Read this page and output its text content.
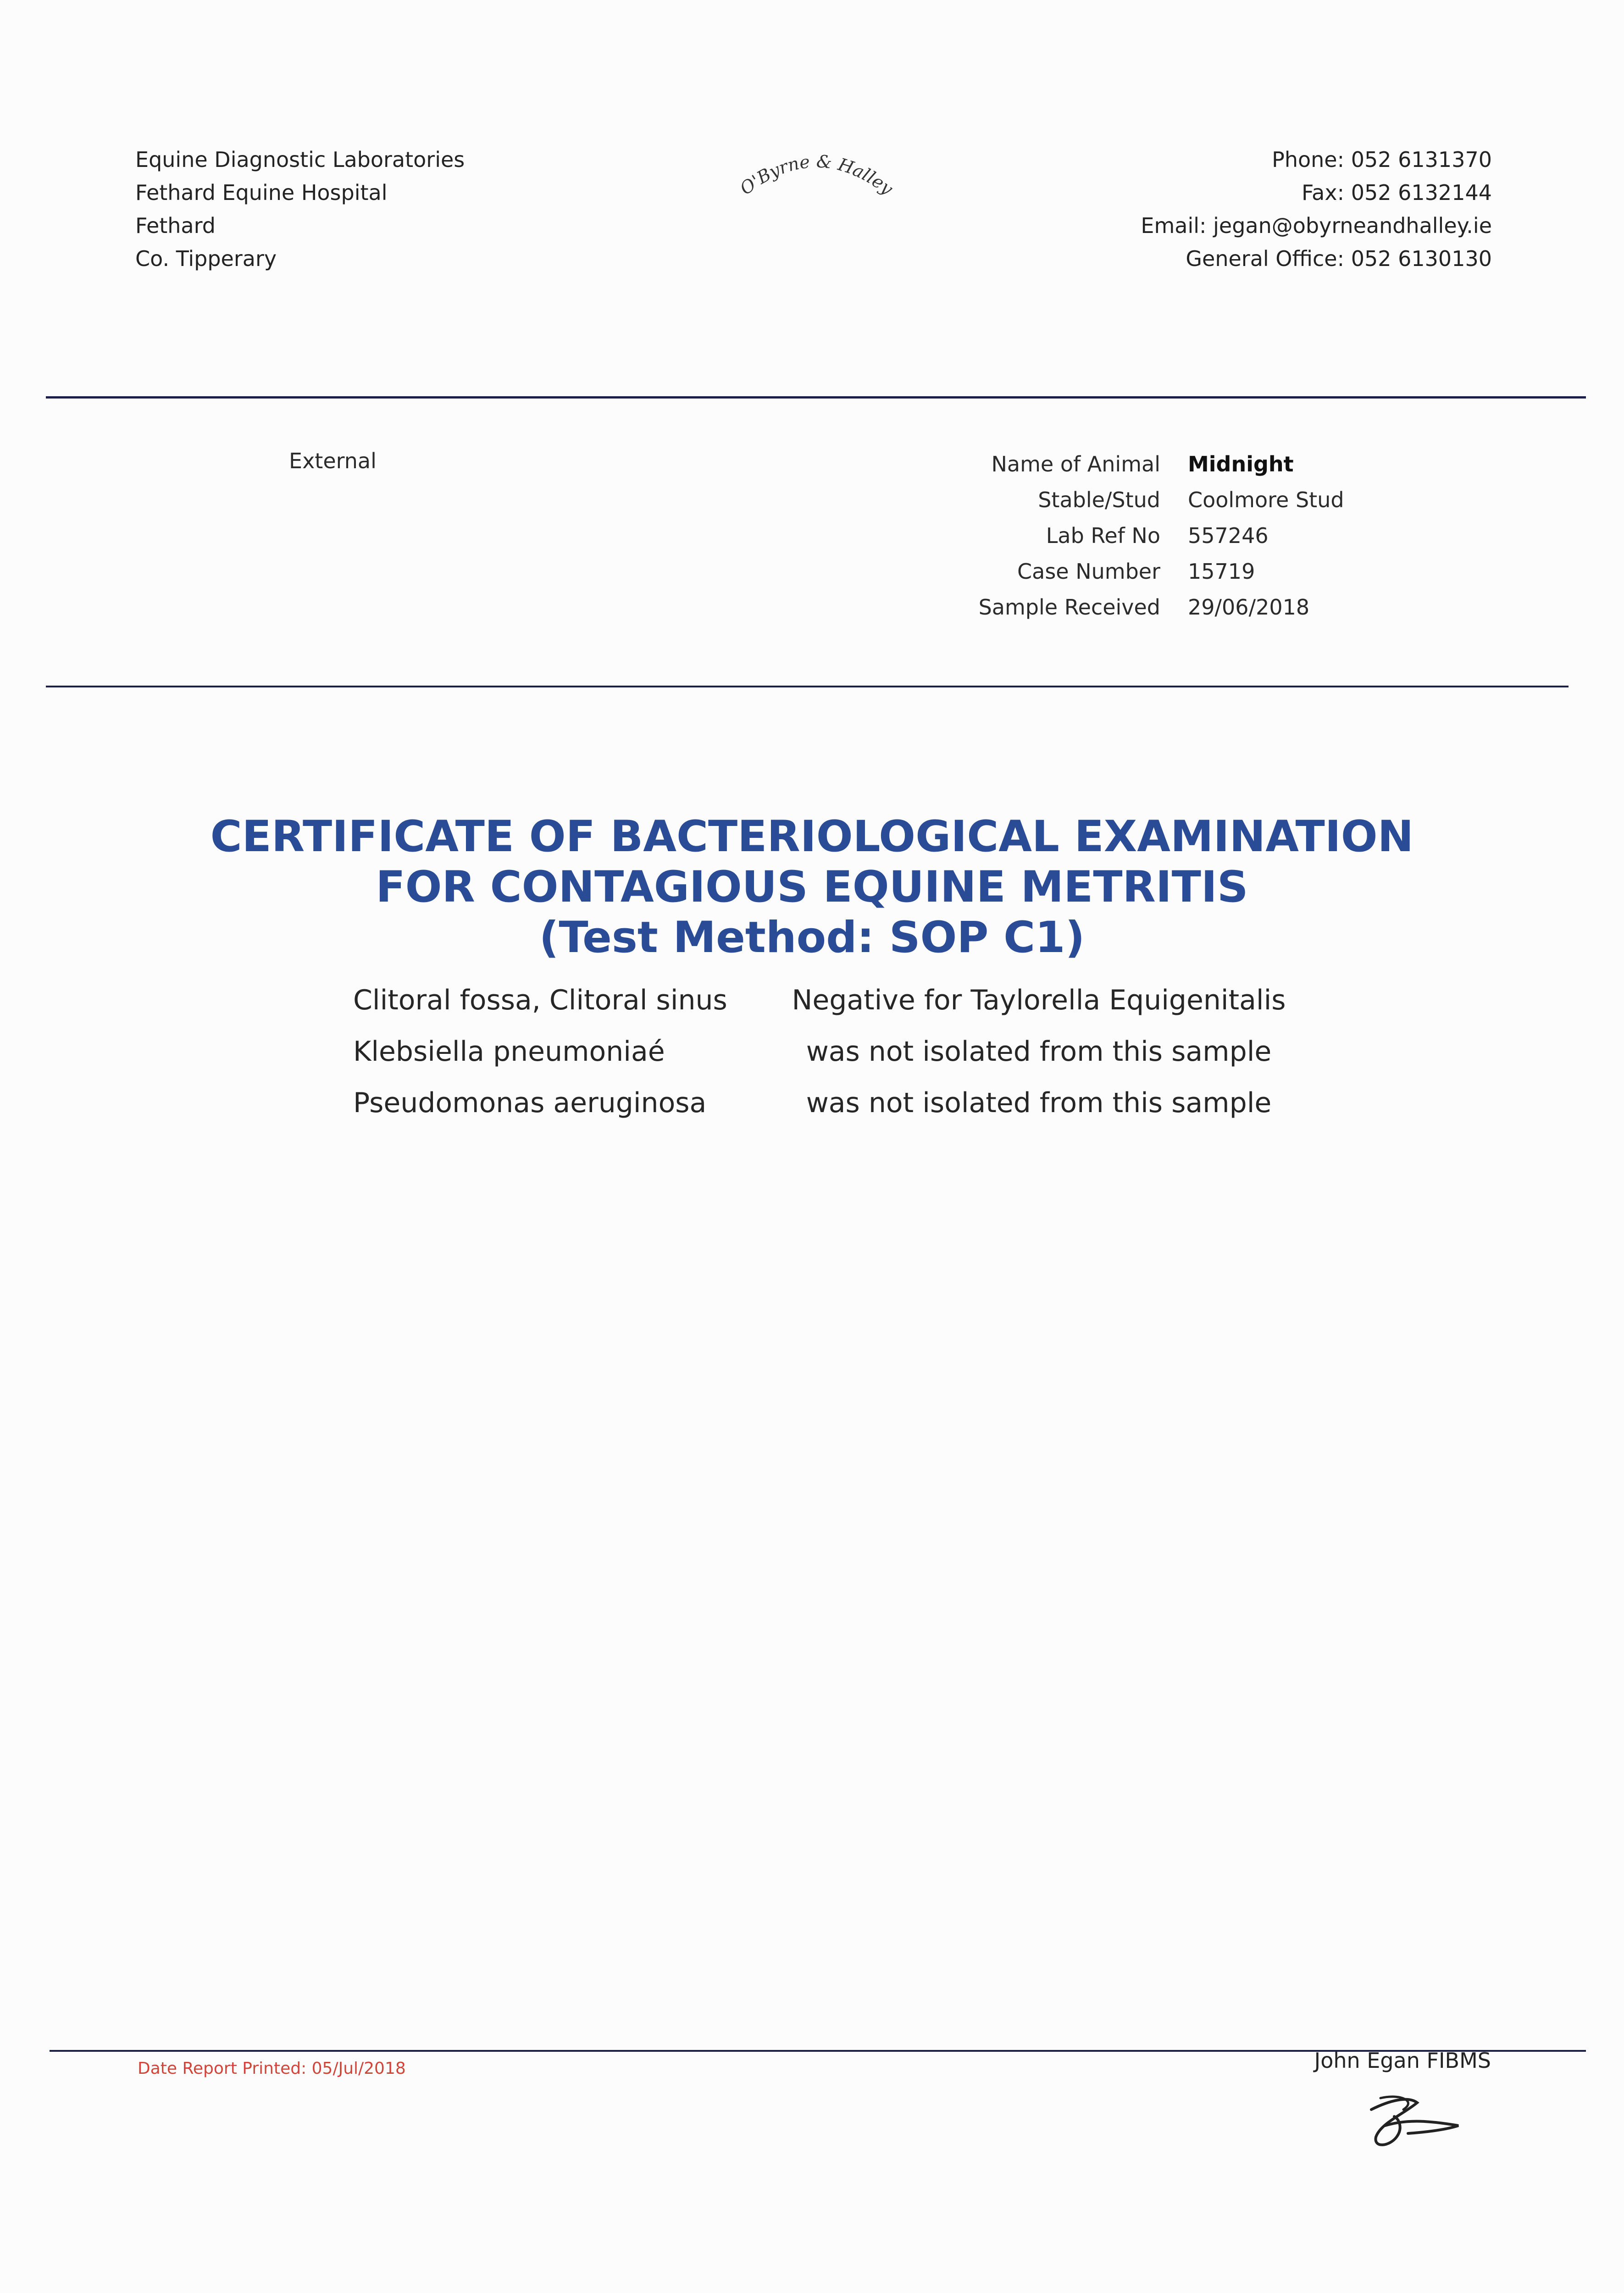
Equine Diagnostic Laboratories
Fethard Equine Hospital
Fethard
Co. Tipperary
O'Byrne & Halley
Phone: 052 6131370
Fax: 052 6132144
Email: jegan@obyrneandhalley.ie
General Office: 052 6130130
External	Name of Animal	Midnight
Stable/Stud	Coolmore Stud
Lab Ref No	557246
Case Number	15719
Sample Received	29/06/2018
CERTIFICATE OF BACTERIOLOGICAL EXAMINATION
FOR CONTAGIOUS EQUINE METRITIS
(Test Method: SOP C1)
Clitoral fossa, Clitoral sinus	Negative for Taylorella Equigenitalis
Klebsiella pneumoniaé	was not isolated from this sample
Pseudomonas aeruginosa	was not isolated from this sample
Date Report Printed: 05/Jul/2018	John Egan FIBMS
